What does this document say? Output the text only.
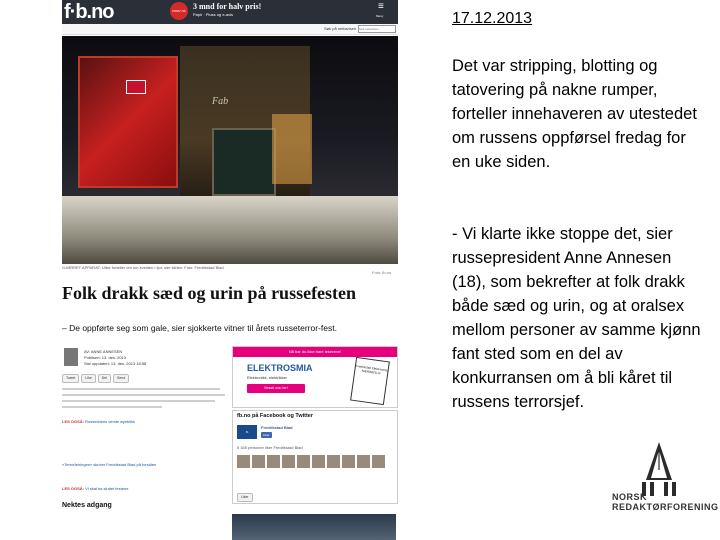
f·b.no	PRØV NÅ 3 mnd for halv pris!
Papir · Pluss og e-avis
≡
Meny
Søk på nettavisen
Søk nettavisen
Fab
GJØRRET APPARAT: Ulike forteller om om kvelden i fjor, sier kilden. Foto: Fredrikstad Blad
Foto: fb.no
Folk drakk sæd og urin på russefesten
– De oppførte seg som gale, sier sjokkerte vitner til årets russeterror-fest.
AV: ANNE ANNESEN
Publisert: 13. des. 2013
Sist oppdatert: 13. des. 2013 18:58
Tweet	Like	Del	Send
LES OGSÅ: Russetidens verste øyeblikk
«Terrorfeiringen» skriver Fredrikstad Blad på forsiden
LES OGSÅ: Vi skal ha sluttet festene
Nektes adgang
Nå har du ikke bare lekerene!
ELEKTROSMIA
Elektronikk, elektrikker
Besøk oss her!
Fredrikstad Elektrosmia NÆRINGSLIV
fb.no på Facebook og Twitter
fb
Fredrikstad Blad
Liker
5 345 personer liker Fredrikstad Blad
Liker
17.12.2013

Det var stripping, blotting og tatovering på nakne rumper, forteller innehaveren av utestedet om russens oppførsel fredag for en uke siden.

- Vi klarte ikke stoppe det, sier russepresident Anne Annesen (18), som bekrefter at folk drakk både sæd og urin, og at oralsex mellom personer av samme kjønn fant sted som en del av konkurransen om å bli kåret til russens terrorsjef.

NORSK
REDAKTØRFORENING
